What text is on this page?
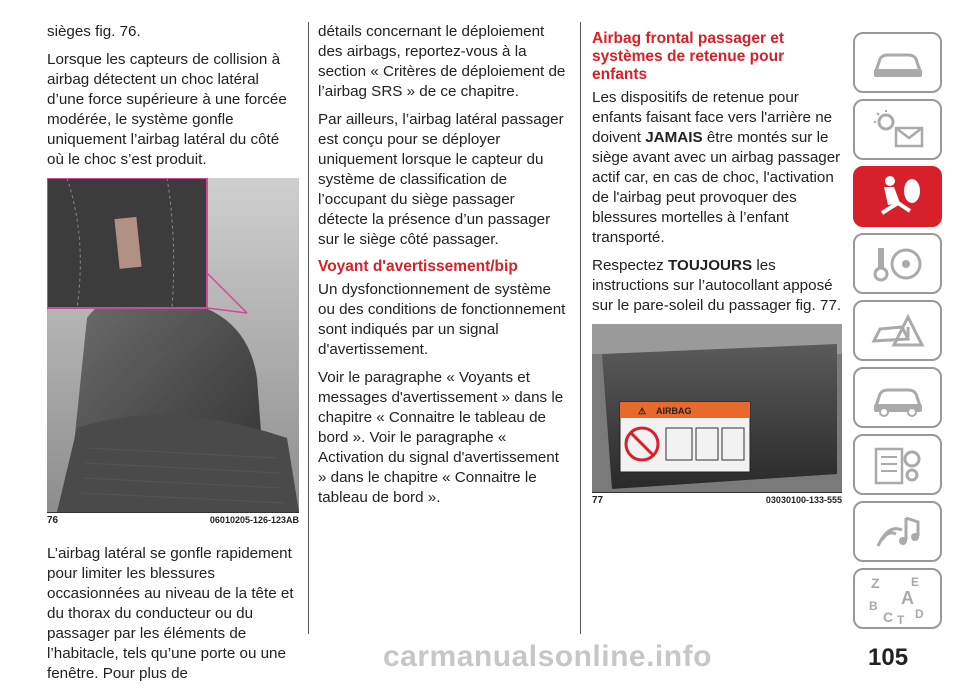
sièges fig. 76.

Lorsque les capteurs de collision à airbag détectent un choc latéral d’une force supérieure à une forcée modérée, le système gonfle uniquement l’airbag latéral du côté où le choc s’est produit.

76	06010205-126-123AB

L’airbag latéral se gonfle rapidement pour limiter les blessures occasionnées au niveau de la tête et du thorax du conducteur ou du passager par les éléments de l’habitacle, tels qu’une porte ou une fenêtre. Pour plus de

détails concernant le déploiement des airbags, reportez-vous à la section « Critères de déploiement de l’airbag SRS » de ce chapitre.

Par ailleurs, l’airbag latéral passager est conçu pour se déployer uniquement lorsque le capteur du système de classification de l’occupant du siège passager détecte la présence d’un passager sur le siège côté passager.

Voyant d'avertissement/bip

Un dysfonctionnement de système ou des conditions de fonctionnement sont indiqués par un signal d'avertissement.

Voir le paragraphe « Voyants et messages d'avertissement » dans le chapitre « Connaitre le tableau de bord ». Voir le paragraphe « Activation du signal d'avertissement » dans le chapitre « Connaitre le tableau de bord ».

Airbag frontal passager et systèmes de retenue pour enfants

Les dispositifs de retenue pour enfants faisant face vers l'arrière ne doivent JAMAIS être montés sur le siège avant avec un airbag passager actif car, en cas de choc, l'activation de l'airbag peut provoquer des blessures mortelles à l’enfant transporté.

Respectez TOUJOURS les instructions sur l’autocollant apposé sur le pare-soleil du passager fig. 77.

⚠ AIRBAG
77	03030100-133-555
Z	E
A
B
C T D
105
carmanualsonline.info
